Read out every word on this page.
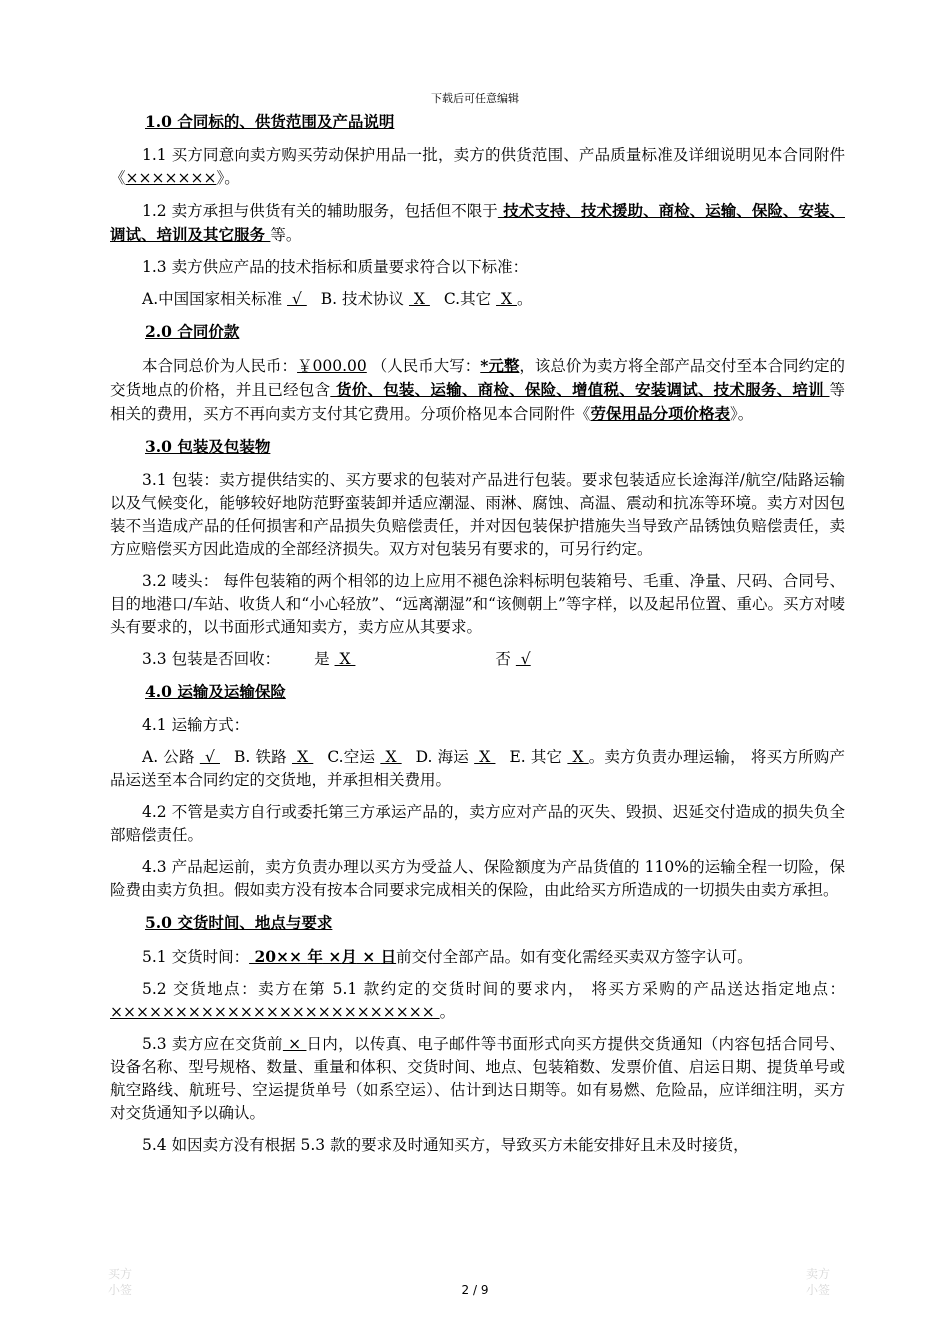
下载后可任意编辑
1.0 合同标的、供货范围及产品说明

1.1 买方同意向卖方购买劳动保护用品一批，卖方的供货范围、产品质量标准及详细说明见本合同附件《×××××××》。

1.2 卖方承担与供货有关的辅助服务，包括但不限于 技术支持、技术援助、商检、运输、保险、安装、调试、培训及其它服务 等。

1.3 卖方供应产品的技术指标和质量要求符合以下标准：

A.中国国家相关标准  √ B. 技术协议  X C.其它  X 。

2.0 合同价款

本合同总价为人民币：￥000.00 （人民币大写：*元整，该总价为卖方将全部产品交付至本合同约定的交货地点的价格，并且已经包含 货价、包装、运输、商检、保险、增值税、安装调试、技术服务、培训 等相关的费用，买方不再向卖方支付其它费用。分项价格见本合同附件《劳保用品分项价格表》。

3.0 包装及包装物

3.1 包装：卖方提供结实的、买方要求的包装对产品进行包装。要求包装适应长途海洋/航空/陆路运输以及气候变化，能够较好地防范野蛮装卸并适应潮湿、雨淋、腐蚀、高温、震动和抗冻等环境。卖方对因包装不当造成产品的任何损害和产品损失负赔偿责任，并对因包装保护措施失当导致产品锈蚀负赔偿责任，卖方应赔偿买方因此造成的全部经济损失。双方对包装另有要求的，可另行约定。

3.2 唛头： 每件包装箱的两个相邻的边上应用不褪色涂料标明包装箱号、毛重、净量、尺码、合同号、目的地港口/车站、收货人和“小心轻放”、“远离潮湿”和“该侧朝上”等字样，以及起吊位置、重心。买方对唛头有要求的，以书面形式通知卖方，卖方应从其要求。

3.3 包装是否回收： 是  X	否  √

4.0 运输及运输保险

4.1 运输方式：

A. 公路  √ B. 铁路  X C.空运  X D. 海运  X E. 其它  X 。卖方负责办理运输， 将买方所购产品运送至本合同约定的交货地，并承担相关费用。

4.2 不管是卖方自行或委托第三方承运产品的，卖方应对产品的灭失、毁损、迟延交付造成的损失负全部赔偿责任。

4.3 产品起运前，卖方负责办理以买方为受益人、保险额度为产品货值的 110%的运输全程一切险，保险费由卖方负担。假如卖方没有按本合同要求完成相关的保险，由此给买方所造成的一切损失由卖方承担。

5.0 交货时间、地点与要求

5.1 交货时间： 20×× 年 ×月 × 日前交付全部产品。如有变化需经买卖双方签字认可。

5.2 交货地点：卖方在第 5.1 款约定的交货时间的要求内， 将买方采购的产品送达指定地点： ××××××××××××××××××××××××× 。

5.3 卖方应在交货前 × 日内，以传真、电子邮件等书面形式向买方提供交货通知（内容包括合同号、设备名称、型号规格、数量、重量和体积、交货时间、地点、包装箱数、发票价值、启运日期、提货单号或航空路线、航班号、空运提货单号（如系空运）、估计到达日期等。如有易燃、危险品，应详细注明，买方对交货通知予以确认。

5.4 如因卖方没有根据 5.3 款的要求及时通知买方，导致买方未能安排好且未及时接货，

买方
小签
卖方
小签
2 / 9
